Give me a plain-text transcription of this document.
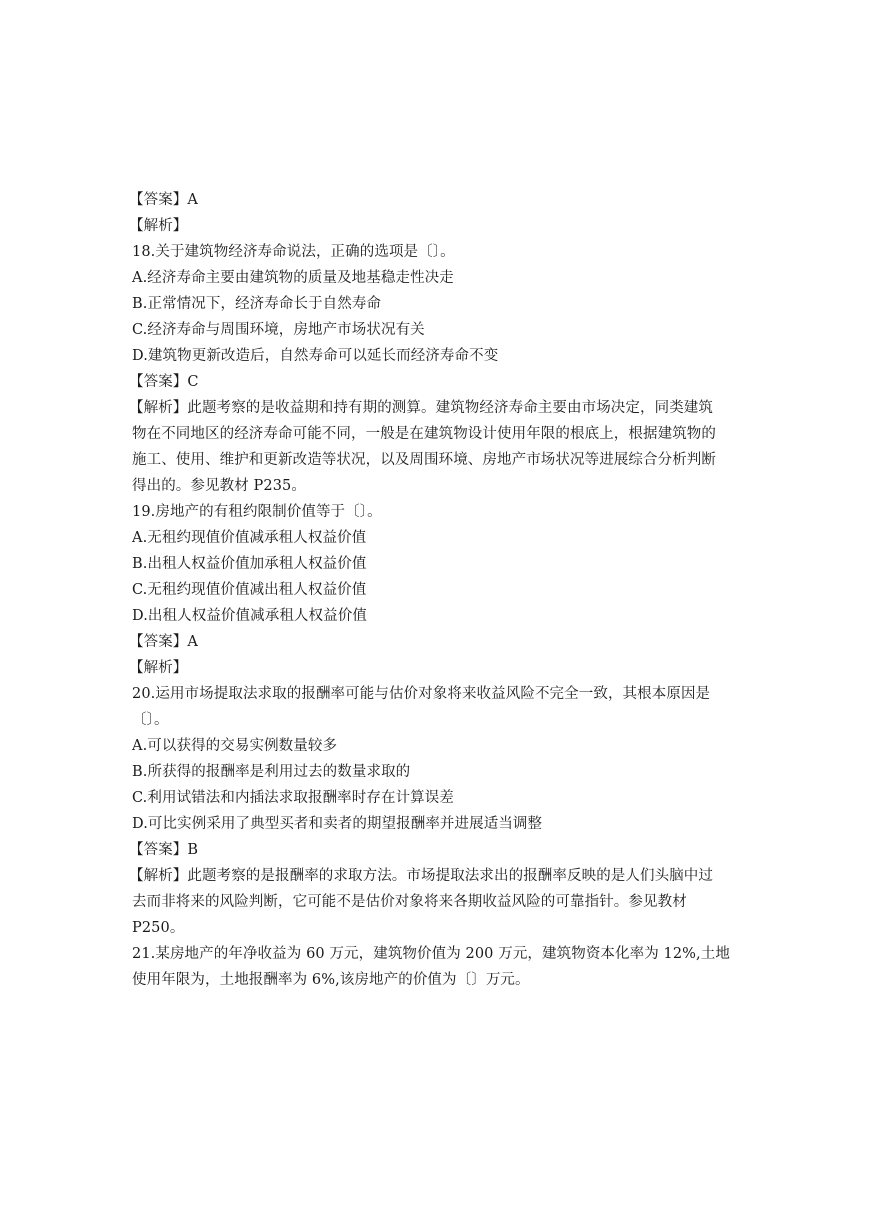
【答案】A
【解析】
18.关于建筑物经济寿命说法，正确的选项是〔〕。
A.经济寿命主要由建筑物的质量及地基稳走性决走
B.正常情况下，经济寿命长于自然寿命
C.经济寿命与周围环境，房地产市场状况有关
D.建筑物更新改造后，自然寿命可以延长而经济寿命不变
【答案】C
【解析】此题考察的是收益期和持有期的测算。建筑物经济寿命主要由市场决定，同类建筑
物在不同地区的经济寿命可能不同，一般是在建筑物设计使用年限的根底上，根据建筑物的
施工、使用、维护和更新改造等状况，以及周围环境、房地产市场状况等进展综合分析判断
得出的。参见教材 P235。
19.房地产的有租约限制价值等于〔〕。
A.无租约现值价值减承租人权益价值
B.出租人权益价值加承租人权益价值
C.无租约现值价值减出租人权益价值
D.出租人权益价值减承租人权益价值
【答案】A
【解析】
20.运用市场提取法求取的报酬率可能与估价对象将来收益风险不完全一致，其根本原因是
〔〕。
A.可以获得的交易实例数量较多
B.所获得的报酬率是利用过去的数量求取的
C.利用试错法和内插法求取报酬率时存在计算误差
D.可比实例采用了典型买者和卖者的期望报酬率并进展适当调整
【答案】B
【解析】此题考察的是报酬率的求取方法。市场提取法求出的报酬率反映的是人们头脑中过
去而非将来的风险判断，它可能不是估价对象将来各期收益风险的可靠指针。参见教材
P250。
21.某房地产的年净收益为 60 万元，建筑物价值为 200 万元，建筑物资本化率为 12%,土地
使用年限为，土地报酬率为 6%,该房地产的价值为〔〕万元。
